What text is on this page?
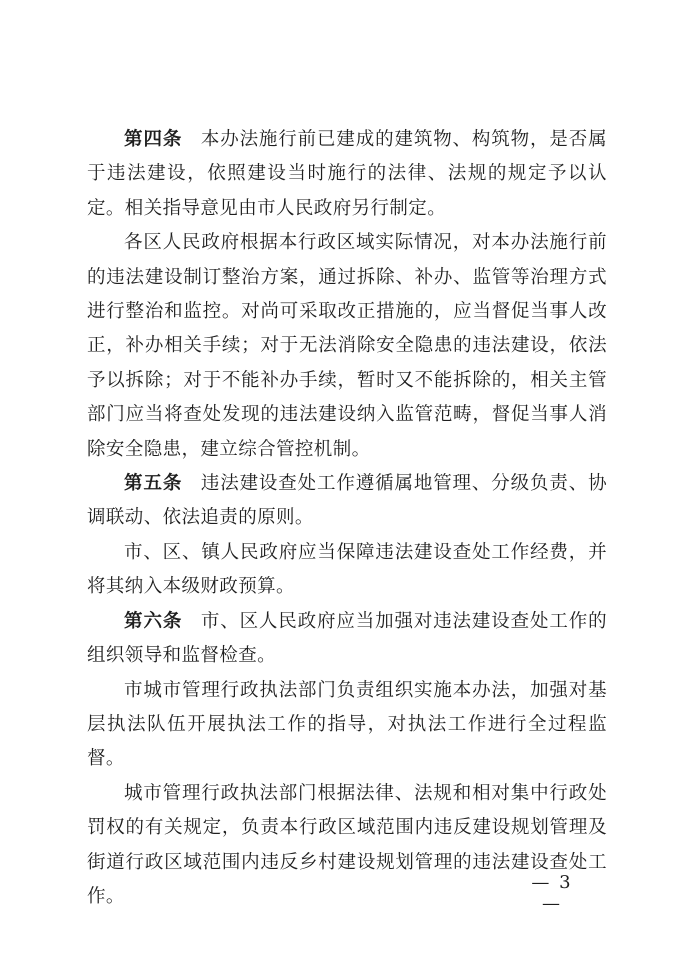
第四条 本办法施行前已建成的建筑物、构筑物，是否属于违法建设，依照建设当时施行的法律、法规的规定予以认定。相关指导意见由市人民政府另行制定。

各区人民政府根据本行政区域实际情况，对本办法施行前的违法建设制订整治方案，通过拆除、补办、监管等治理方式进行整治和监控。对尚可采取改正措施的，应当督促当事人改正，补办相关手续；对于无法消除安全隐患的违法建设，依法予以拆除；对于不能补办手续，暂时又不能拆除的，相关主管部门应当将查处发现的违法建设纳入监管范畴，督促当事人消除安全隐患，建立综合管控机制。

第五条 违法建设查处工作遵循属地管理、分级负责、协调联动、依法追责的原则。

市、区、镇人民政府应当保障违法建设查处工作经费，并将其纳入本级财政预算。

第六条 市、区人民政府应当加强对违法建设查处工作的组织领导和监督检查。

市城市管理行政执法部门负责组织实施本办法，加强对基层执法队伍开展执法工作的指导，对执法工作进行全过程监督。

城市管理行政执法部门根据法律、法规和相对集中行政处罚权的有关规定，负责本行政区域范围内违反建设规划管理及街道行政区域范围内违反乡村建设规划管理的违法建设查处工作。

— 3 —
